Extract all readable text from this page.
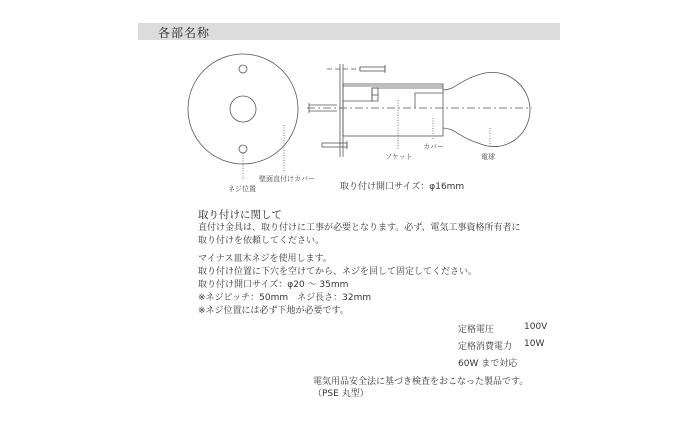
各部名称
ネジ位置
壁面直付けカバー
ソケット
カバー
電球
取り付け開口サイズ：φ16mm
取り付けに関して
直付け金具は、取り付けに工事が必要となります。必ず、電気工事資格所有者に
取り付けを依頼してください。
マイナス皿木ネジを使用します。
取り付け位置に下穴を空けてから、ネジを回して固定してください。
取り付け開口サイズ：φ20 ～ 35mm
※ネジピッチ：50mm　ネジ長さ：32mm
※ネジ位置には必ず下地が必要です。
定格電圧	100V
定格消費電力 10W
60W まで対応
電気用品安全法に基づき検査をおこなった製品です。
（PSE 丸型）
